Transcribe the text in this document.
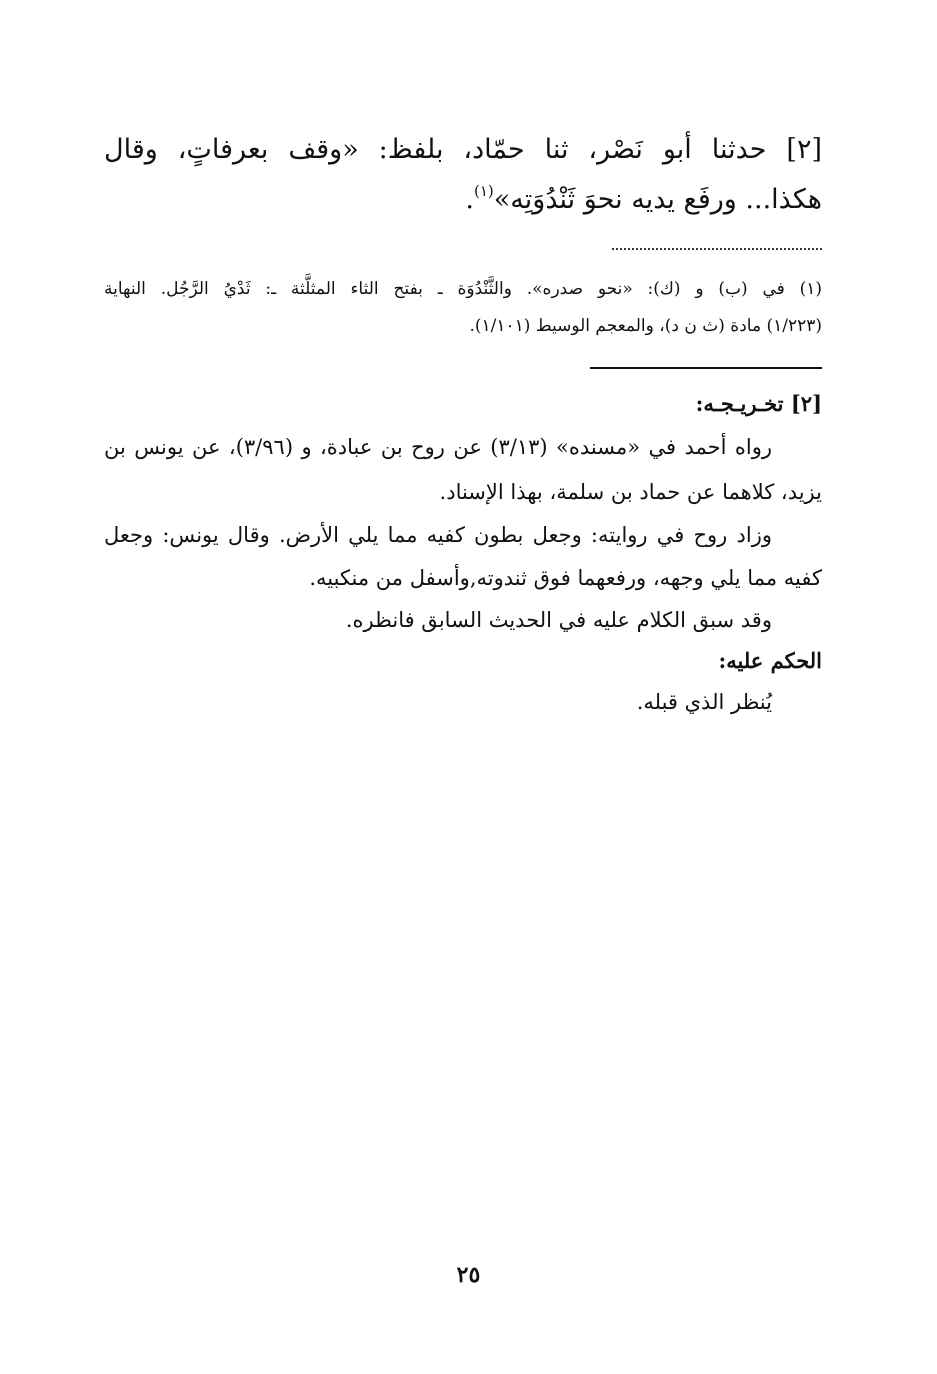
[٢] حدثنا أبو نَصْر، ثنا حمّاد، بلفظ: «وقف بعرفاتٍ، وقال
هكذا... ورفَع يديه نحوَ ثَنْدُوَتِه»$^{(١)}$.
(١) في (ب) و (ك): «نحو صدره». والثَّنْدُوَة ـ بفتح الثاء المثلَّثة ـ: ثَدْيُ الرَّجُل. النهاية
(١/٢٢٣) مادة (ث ن د)، والمعجم الوسيط (١/١٠١).
[٢] تخـريـجـه:
رواه أحمد في «مسنده» (٣/١٣) عن روح بن عبادة، و (٣/٩٦)، عن يونس بن
يزيد، كلاهما عن حماد بن سلمة، بهذا الإسناد.
وزاد روح في روايته: وجعل بطون كفيه مما يلي الأرض. وقال يونس: وجعل
كفيه مما يلي وجهه، ورفعهما فوق ثندوته,وأسفل من منكبيه.
وقد سبق الكلام عليه في الحديث السابق فانظره.
الحكم عليه:
يُنظر الذي قبله.
٢٥
